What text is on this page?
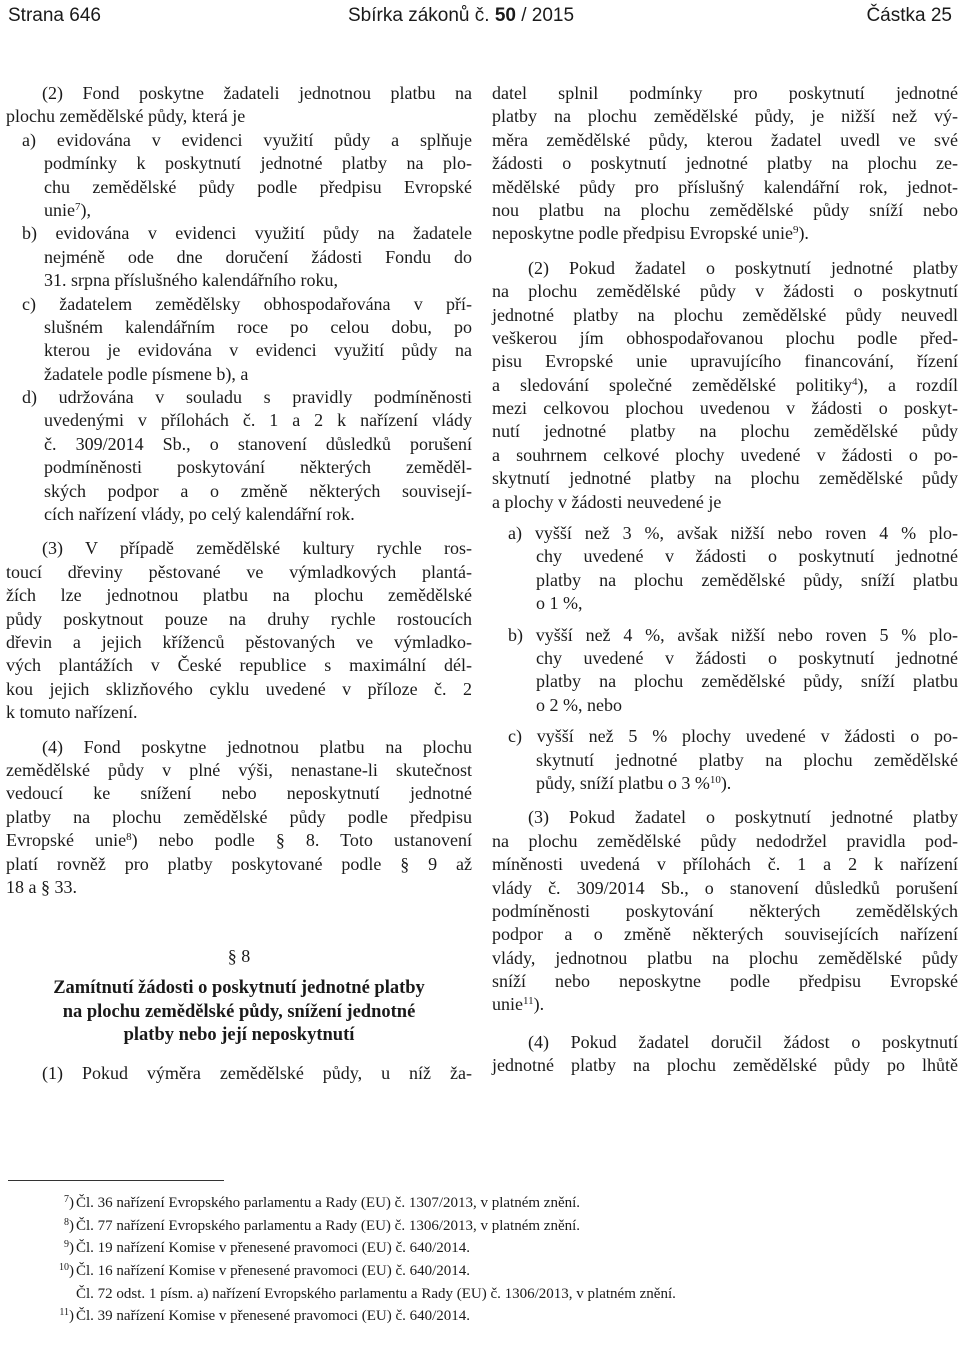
Strana 646	Sbírka zákonů č. 50 / 2015	Částka 25
(2) Fond poskytne žadateli jednotnou platbu na
plochu zemědělské půdy, která je
a) evidována v evidenci využití půdy a splňuje
podmínky k poskytnutí jednotné platby na plo-
chu zemědělské půdy podle předpisu Evropské
unie$^7$),
b) evidována v evidenci využití půdy na žadatele
nejméně ode dne doručení žádosti Fondu do
31. srpna příslušného kalendářního roku,
c) žadatelem zemědělsky obhospodařována v pří-
slušném kalendářním roce po celou dobu, po
kterou je evidována v evidenci využití půdy na
žadatele podle písmene b), a
d) udržována v souladu s pravidly podmíněnosti
uvedenými v přílohách č. 1 a 2 k nařízení vlády
č. 309/2014 Sb., o stanovení důsledků porušení
podmíněnosti poskytování některých zeměděl-
ských podpor a o změně některých souvisejí-
cích nařízení vlády, po celý kalendářní rok.
(3) V případě zemědělské kultury rychle ros-
toucí dřeviny pěstované ve výmladkových plantá-
žích lze jednotnou platbu na plochu zemědělské
půdy poskytnout pouze na druhy rychle rostoucích
dřevin a jejich kříženců pěstovaných ve výmladko-
vých plantážích v České republice s maximální dél-
kou jejich sklizňového cyklu uvedené v příloze č. 2
k tomuto nařízení.
(4) Fond poskytne jednotnou platbu na plochu
zemědělské půdy v plné výši, nenastane-li skutečnost
vedoucí ke snížení nebo neposkytnutí jednotné
platby na plochu zemědělské půdy podle předpisu
Evropské unie$^8$) nebo podle § 8. Toto ustanovení
platí rovněž pro platby poskytované podle § 9 až
18 a § 33.
§ 8
Zamítnutí žádosti o poskytnutí jednotné platby
na plochu zemědělské půdy, snížení jednotné
platby nebo její neposkytnutí
(1) Pokud výměra zemědělské půdy, u níž ža-
datel splnil podmínky pro poskytnutí jednotné
platby na plochu zemědělské půdy, je nižší než vý-
měra zemědělské půdy, kterou žadatel uvedl ve své
žádosti o poskytnutí jednotné platby na plochu ze-
mědělské půdy pro příslušný kalendářní rok, jednot-
nou platbu na plochu zemědělské půdy sníží nebo
neposkytne podle předpisu Evropské unie$^9$).
(2) Pokud žadatel o poskytnutí jednotné platby
na plochu zemědělské půdy v žádosti o poskytnutí
jednotné platby na plochu zemědělské půdy neuvedl
veškerou jím obhospodařovanou plochu podle před-
pisu Evropské unie upravujícího financování, řízení
a sledování společné zemědělské politiky$^4$), a rozdíl
mezi celkovou plochou uvedenou v žádosti o poskyt-
nutí jednotné platby na plochu zemědělské půdy
a souhrnem celkové plochy uvedené v žádosti o po-
skytnutí jednotné platby na plochu zemědělské půdy
a plochy v žádosti neuvedené je
a) vyšší než 3 %, avšak nižší nebo roven 4 % plo-
chy uvedené v žádosti o poskytnutí jednotné
platby na plochu zemědělské půdy, sníží platbu
o 1 %,
b) vyšší než 4 %, avšak nižší nebo roven 5 % plo-
chy uvedené v žádosti o poskytnutí jednotné
platby na plochu zemědělské půdy, sníží platbu
o 2 %, nebo
c) vyšší než 5 % plochy uvedené v žádosti o po-
skytnutí jednotné platby na plochu zemědělské
půdy, sníží platbu o 3 %$^{10}$).
(3) Pokud žadatel o poskytnutí jednotné platby
na plochu zemědělské půdy nedodržel pravidla pod-
míněnosti uvedená v přílohách č. 1 a 2 k nařízení
vlády č. 309/2014 Sb., o stanovení důsledků porušení
podmíněnosti poskytování některých zemědělských
podpor a o změně některých souvisejících nařízení
vlády, jednotnou platbu na plochu zemědělské půdy
sníží nebo neposkytne podle předpisu Evropské
unie$^{11}$).
(4) Pokud žadatel doručil žádost o poskytnutí
jednotné platby na plochu zemědělské půdy po lhůtě
$^7$) Čl. 36 nařízení Evropského parlamentu a Rady (EU) č. 1307/2013, v platném znění.
$^8$) Čl. 77 nařízení Evropského parlamentu a Rady (EU) č. 1306/2013, v platném znění.
$^9$) Čl. 19 nařízení Komise v přenesené pravomoci (EU) č. 640/2014.
$^{10}$) Čl. 16 nařízení Komise v přenesené pravomoci (EU) č. 640/2014.
Čl. 72 odst. 1 písm. a) nařízení Evropského parlamentu a Rady (EU) č. 1306/2013, v platném znění.
$^{11}$) Čl. 39 nařízení Komise v přenesené pravomoci (EU) č. 640/2014.
